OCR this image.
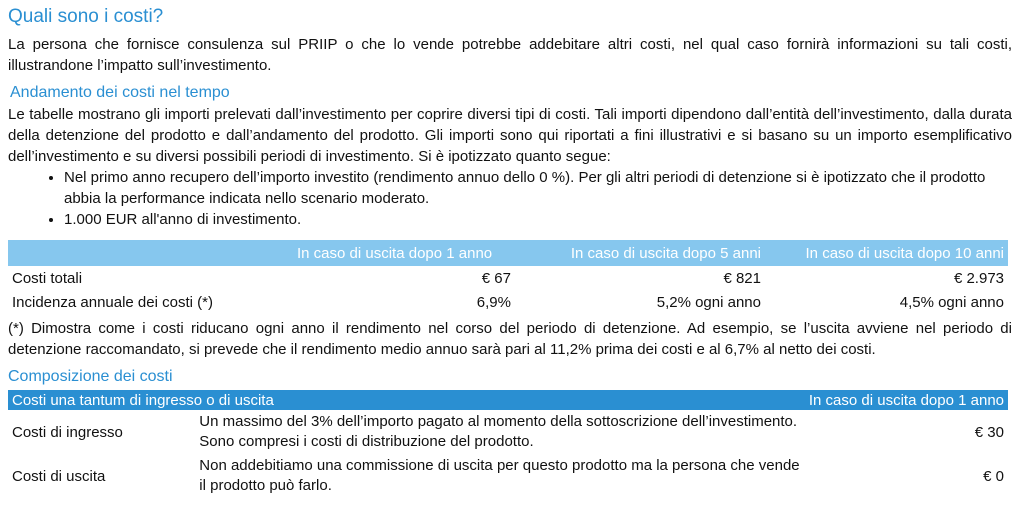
Quali sono i costi?

La persona che fornisce consulenza sul PRIIP o che lo vende potrebbe addebitare altri costi, nel qual caso fornirà informazioni su tali costi, illustrandone l’impatto sull’investimento.

Andamento dei costi nel tempo

Le tabelle mostrano gli importi prelevati dall’investimento per coprire diversi tipi di costi. Tali importi dipendono dall’entità dell’investimento, dalla durata della detenzione del prodotto e dall’andamento del prodotto. Gli importi sono qui riportati a fini illustrativi e si basano su un importo esemplificativo dell’investimento e su diversi possibili periodi di investimento. Si è ipotizzato quanto segue:

• Nel primo anno recupero dell’importo investito (rendimento annuo dello 0 %). Per gli altri periodi di detenzione si è ipotizzato che il prodotto abbia la performance indicata nello scenario moderato.
• 1.000 EUR all'anno di investimento.
	In caso di uscita dopo 1 anno	In caso di uscita dopo 5 anni	In caso di uscita dopo 10 anni
Costi totali	€ 67	€ 821	€ 2.973
Incidenza annuale dei costi (*)	6,9%	5,2% ogni anno	4,5% ogni anno

(*) Dimostra come i costi riducano ogni anno il rendimento nel corso del periodo di detenzione. Ad esempio, se l’uscita avviene nel periodo di detenzione raccomandato, si prevede che il rendimento medio annuo sarà pari al 11,2% prima dei costi e al 6,7% al netto dei costi.

Composizione dei costi
Costi una tantum di ingresso o di uscita		In caso di uscita dopo 1 anno
Costi di ingresso	Un massimo del 3% dell’importo pagato al momento della sottoscrizione dell’investimento. Sono compresi i costi di distribuzione del prodotto.	€ 30
Costi di uscita	Non addebitiamo una commissione di uscita per questo prodotto ma la persona che vende il prodotto può farlo.	€ 0
